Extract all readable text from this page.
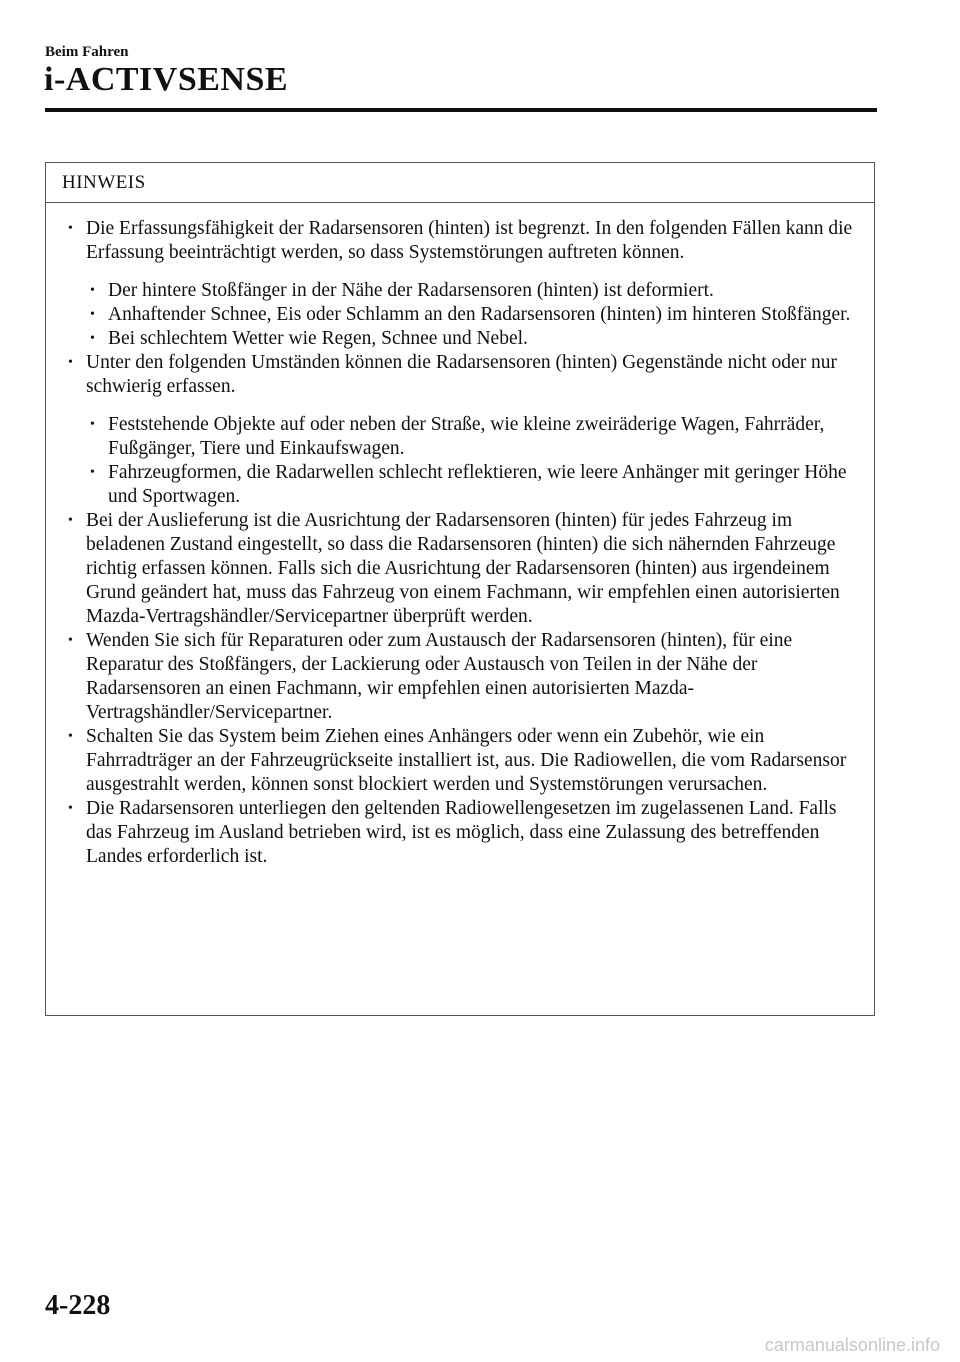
Beim Fahren
i-ACTIVSENSE
HINWEIS
• Die Erfassungsfähigkeit der Radarsensoren (hinten) ist begrenzt. In den folgenden Fällen kann die Erfassung beeinträchtigt werden, so dass Systemstörungen auftreten können.
• Der hintere Stoßfänger in der Nähe der Radarsensoren (hinten) ist deformiert.
• Anhaftender Schnee, Eis oder Schlamm an den Radarsensoren (hinten) im hinteren Stoßfänger.
• Bei schlechtem Wetter wie Regen, Schnee und Nebel.
• Unter den folgenden Umständen können die Radarsensoren (hinten) Gegenstände nicht oder nur schwierig erfassen.
• Feststehende Objekte auf oder neben der Straße, wie kleine zweiräderige Wagen, Fahrräder, Fußgänger, Tiere und Einkaufswagen.
• Fahrzeugformen, die Radarwellen schlecht reflektieren, wie leere Anhänger mit geringer Höhe und Sportwagen.
• Bei der Auslieferung ist die Ausrichtung der Radarsensoren (hinten) für jedes Fahrzeug im beladenen Zustand eingestellt, so dass die Radarsensoren (hinten) die sich nähernden Fahrzeuge richtig erfassen können. Falls sich die Ausrichtung der Radarsensoren (hinten) aus irgendeinem Grund geändert hat, muss das Fahrzeug von einem Fachmann, wir empfehlen einen autorisierten Mazda-Vertragshändler/Servicepartner überprüft werden.
• Wenden Sie sich für Reparaturen oder zum Austausch der Radarsensoren (hinten), für eine Reparatur des Stoßfängers, der Lackierung oder Austausch von Teilen in der Nähe der Radarsensoren an einen Fachmann, wir empfehlen einen autorisierten Mazda-Vertragshändler/Servicepartner.
• Schalten Sie das System beim Ziehen eines Anhängers oder wenn ein Zubehör, wie ein Fahrradträger an der Fahrzeugrückseite installiert ist, aus. Die Radiowellen, die vom Radarsensor ausgestrahlt werden, können sonst blockiert werden und Systemstörungen verursachen.
• Die Radarsensoren unterliegen den geltenden Radiowellengesetzen im zugelassenen Land. Falls das Fahrzeug im Ausland betrieben wird, ist es möglich, dass eine Zulassung des betreffenden Landes erforderlich ist.
4-228
carmanualsonline.info
